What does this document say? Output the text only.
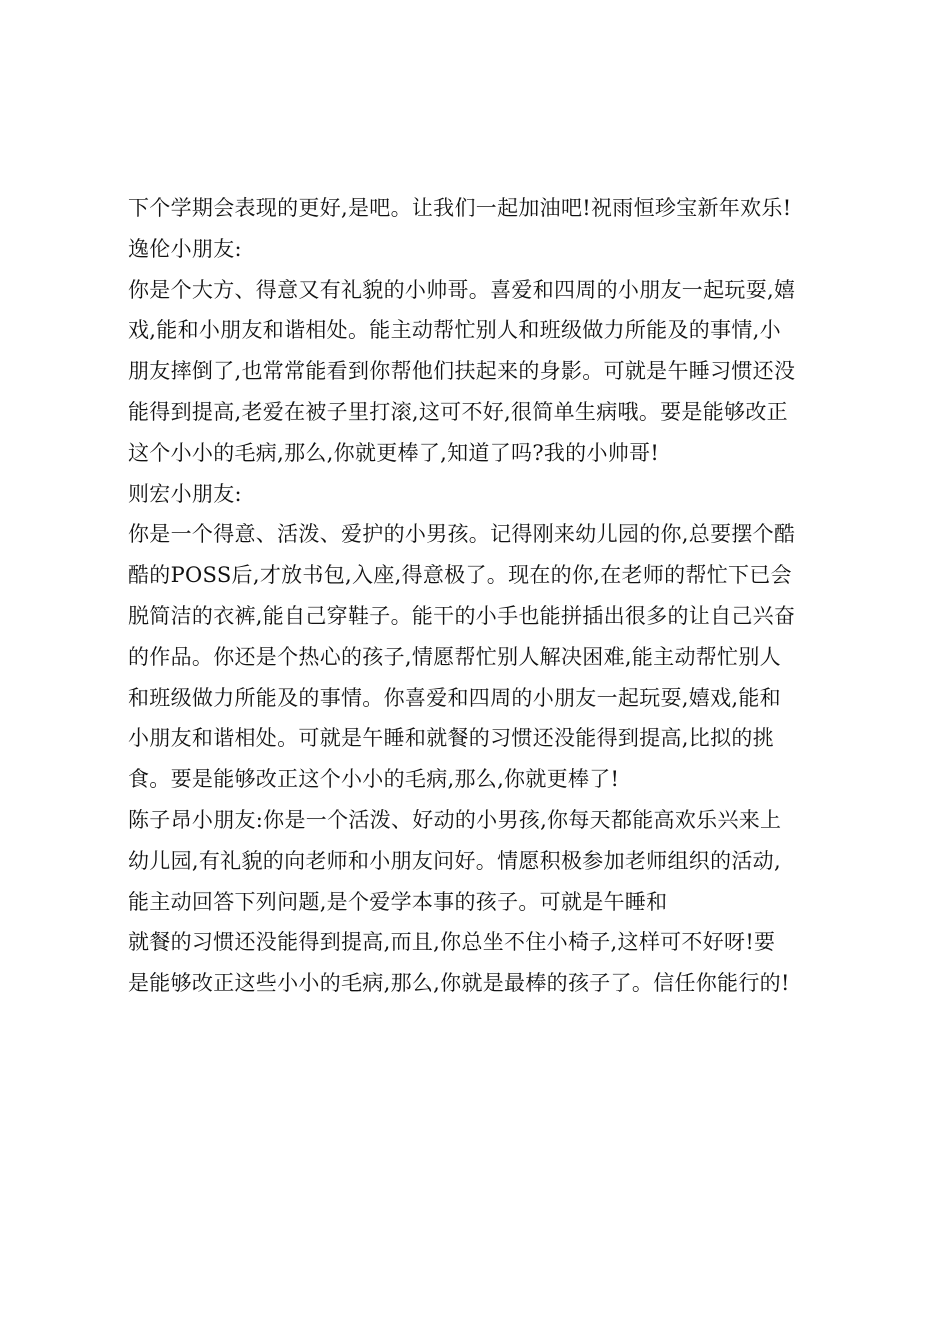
下个学期会表现的更好,是吧。让我们一起加油吧!祝雨恒珍宝新年欢乐!
逸伦小朋友:
你是个大方、得意又有礼貌的小帅哥。喜爱和四周的小朋友一起玩耍,嬉
戏,能和小朋友和谐相处。能主动帮忙别人和班级做力所能及的事情,小
朋友摔倒了,也常常能看到你帮他们扶起来的身影。可就是午睡习惯还没
能得到提高,老爱在被子里打滚,这可不好,很简单生病哦。要是能够改正
这个小小的毛病,那么,你就更棒了,知道了吗?我的小帅哥!
则宏小朋友:
你是一个得意、活泼、爱护的小男孩。记得刚来幼儿园的你,总要摆个酷
酷的POSS后,才放书包,入座,得意极了。现在的你,在老师的帮忙下已会
脱简洁的衣裤,能自己穿鞋子。能干的小手也能拼插出很多的让自己兴奋
的作品。你还是个热心的孩子,情愿帮忙别人解决困难,能主动帮忙别人
和班级做力所能及的事情。你喜爱和四周的小朋友一起玩耍,嬉戏,能和
小朋友和谐相处。可就是午睡和就餐的习惯还没能得到提高,比拟的挑
食。要是能够改正这个小小的毛病,那么,你就更棒了!
陈子昂小朋友:你是一个活泼、好动的小男孩,你每天都能高欢乐兴来上
幼儿园,有礼貌的向老师和小朋友问好。情愿积极参加老师组织的活动,
能主动回答下列问题,是个爱学本事的孩子。可就是午睡和
就餐的习惯还没能得到提高,而且,你总坐不住小椅子,这样可不好呀!要
是能够改正这些小小的毛病,那么,你就是最棒的孩子了。信任你能行的!
